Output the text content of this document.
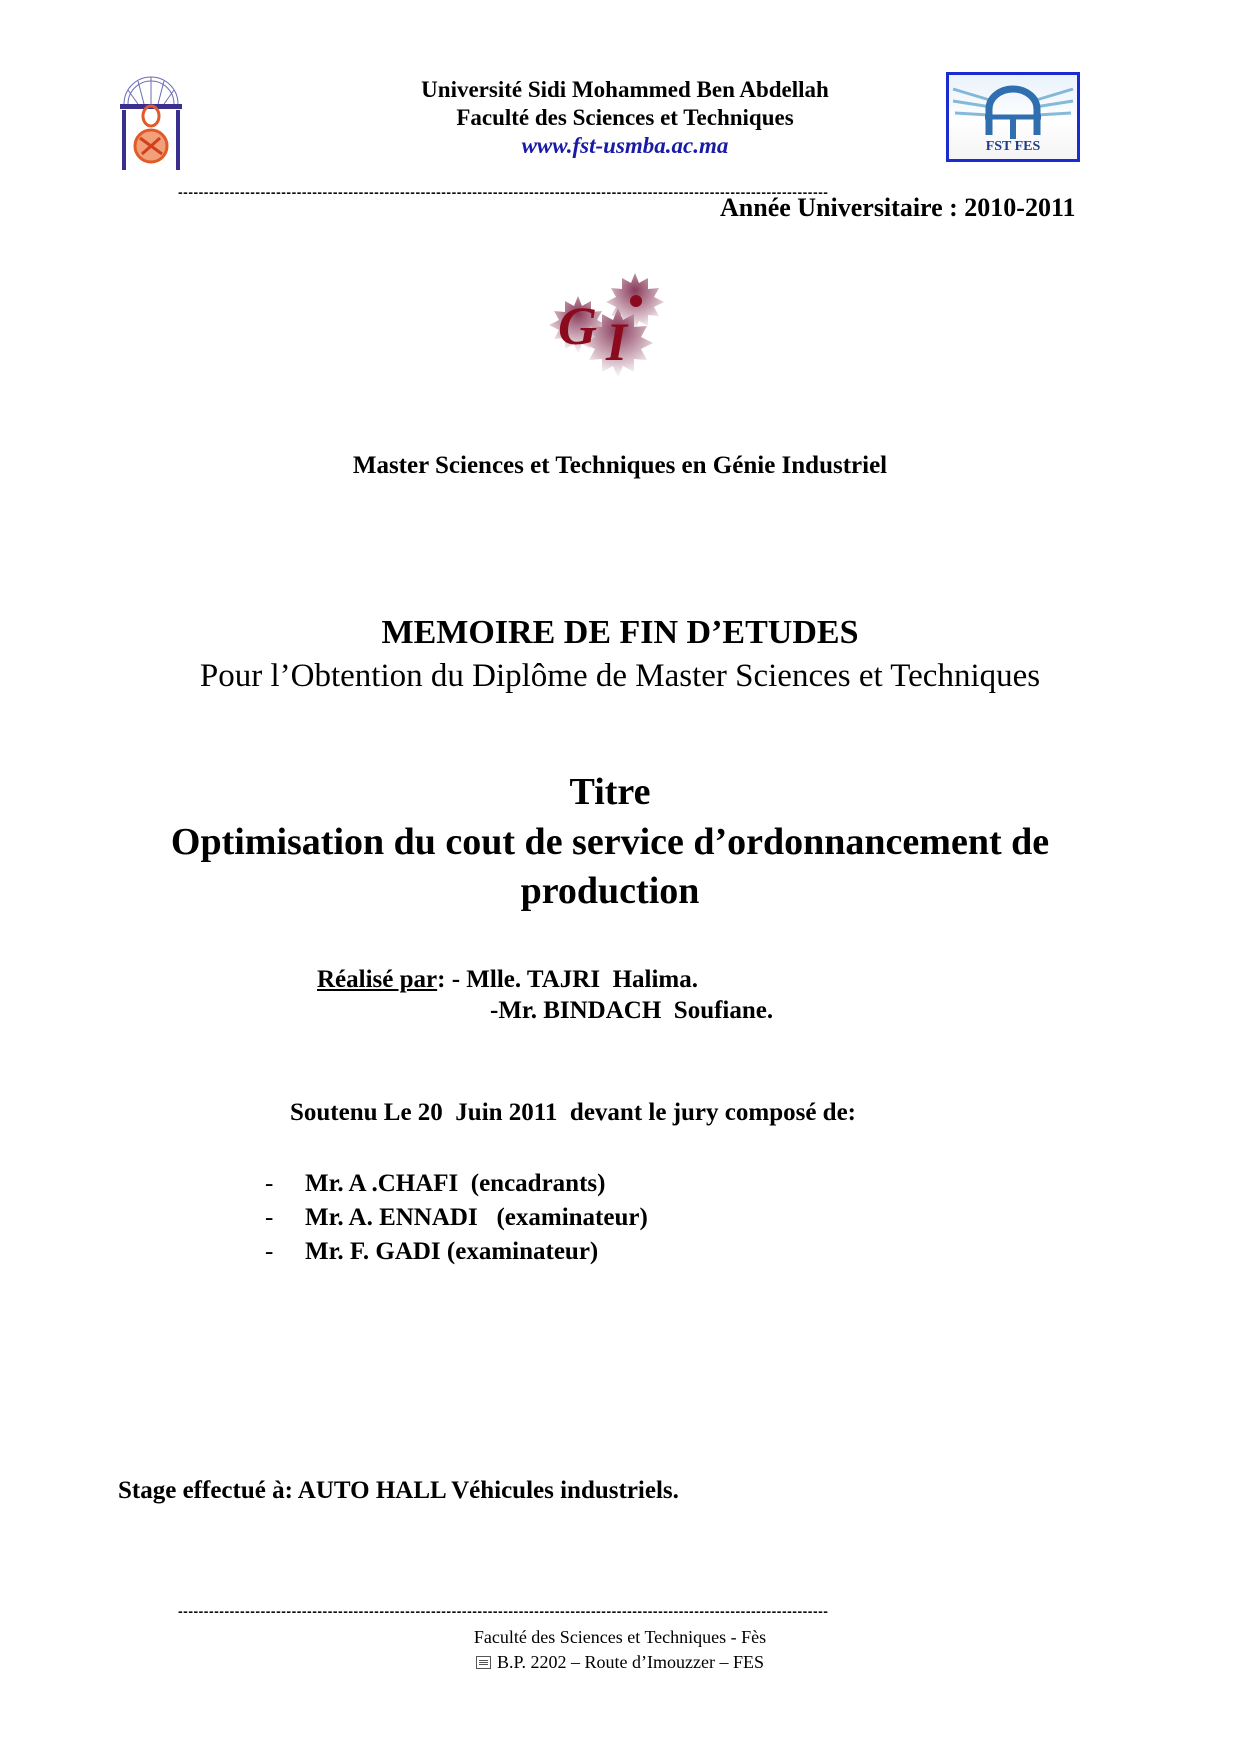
Université Sidi Mohammed Ben Abdellah
Faculté des Sciences et Techniques
www.fst-usmba.ac.ma	FST FES
------------------------------------------------------------------------------------------------------------------------------
Année Universitaire : 2010-2011
G I
Master Sciences et Techniques en Génie Industriel
MEMOIRE DE FIN D’ETUDES
Pour l’Obtention du Diplôme de Master Sciences et Techniques
Titre
Optimisation du cout de service d’ordonnancement de
production
Réalisé par: - Mlle. TAJRI  Halima.
-Mr. BINDACH  Soufiane.
Soutenu Le 20  Juin 2011  devant le jury composé de:
-	Mr. A .CHAFI  (encadrants)
-	Mr. A. ENNADI   (examinateur)
-	Mr. F. GADI (examinateur)
Stage effectué à: AUTO HALL Véhicules industriels.
------------------------------------------------------------------------------------------------------------------------------
Faculté des Sciences et Techniques - Fès
B.P. 2202 – Route d’Imouzzer – FES
